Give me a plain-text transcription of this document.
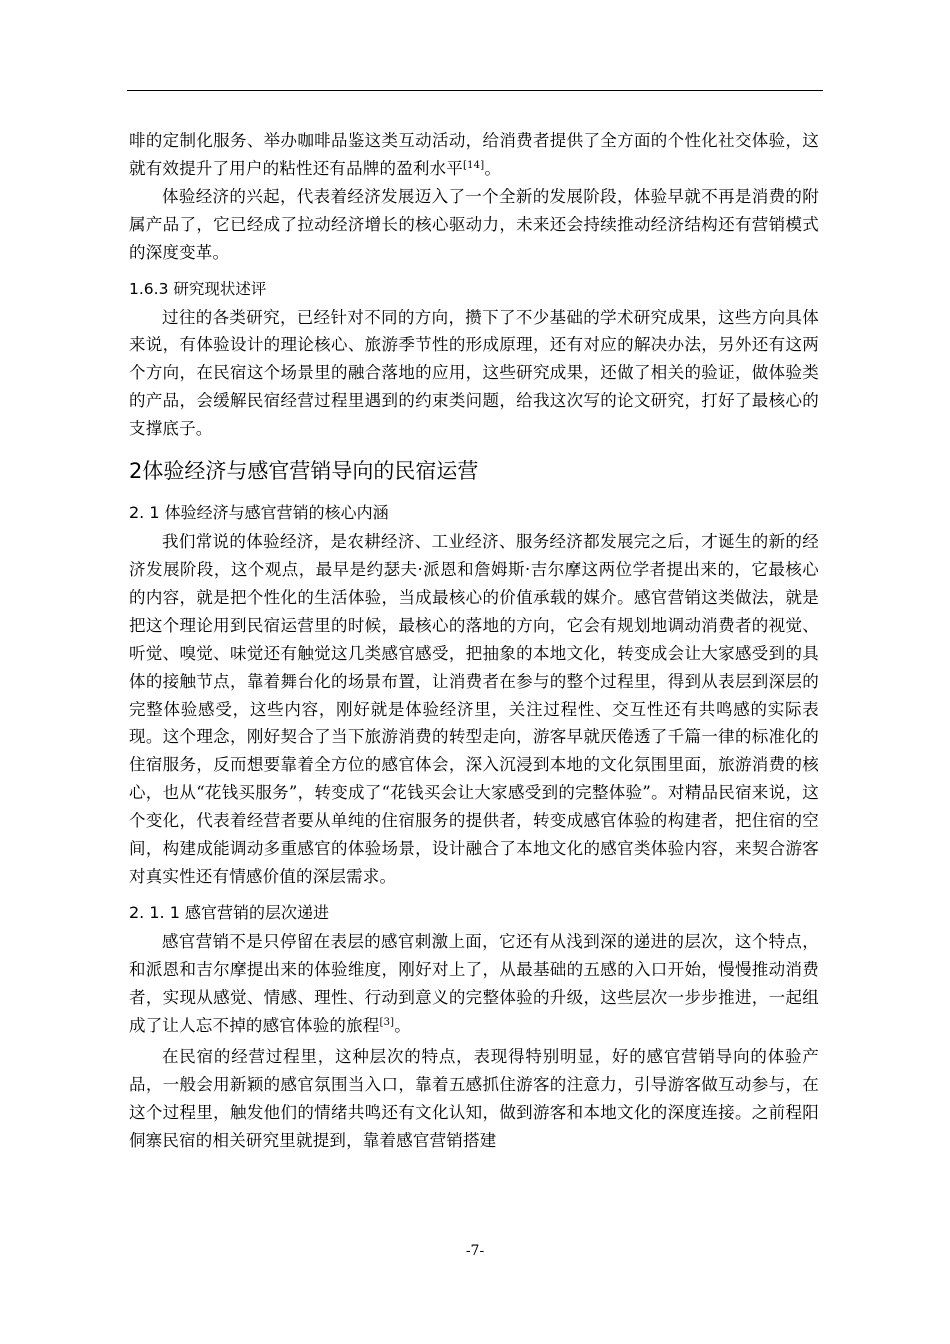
啡的定制化服务、举办咖啡品鉴这类互动活动，给消费者提供了全方面的个性化社交体验，这就有效提升了用户的粘性还有品牌的盈利水平[14]。

体验经济的兴起，代表着经济发展迈入了一个全新的发展阶段，体验早就不再是消费的附属产品了，它已经成了拉动经济增长的核心驱动力，未来还会持续推动经济结构还有营销模式的深度变革。

1.6.3 研究现状述评

过往的各类研究，已经针对不同的方向，攒下了不少基础的学术研究成果，这些方向具体来说，有体验设计的理论核心、旅游季节性的形成原理，还有对应的解决办法，另外还有这两个方向，在民宿这个场景里的融合落地的应用，这些研究成果，还做了相关的验证，做体验类的产品，会缓解民宿经营过程里遇到的约束类问题，给我这次写的论文研究，打好了最核心的支撑底子。

2体验经济与感官营销导向的民宿运营
2. 1 体验经济与感官营销的核心内涵

我们常说的体验经济，是农耕经济、工业经济、服务经济都发展完之后，才诞生的新的经济发展阶段，这个观点，最早是约瑟夫·派恩和詹姆斯·吉尔摩这两位学者提出来的，它最核心的内容，就是把个性化的生活体验，当成最核心的价值承载的媒介。感官营销这类做法，就是把这个理论用到民宿运营里的时候，最核心的落地的方向，它会有规划地调动消费者的视觉、听觉、嗅觉、味觉还有触觉这几类感官感受，把抽象的本地文化，转变成会让大家感受到的具体的接触节点，靠着舞台化的场景布置，让消费者在参与的整个过程里，得到从表层到深层的完整体验感受，这些内容，刚好就是体验经济里，关注过程性、交互性还有共鸣感的实际表现。这个理念，刚好契合了当下旅游消费的转型走向，游客早就厌倦透了千篇一律的标准化的住宿服务，反而想要靠着全方位的感官体会，深入沉浸到本地的文化氛围里面，旅游消费的核心，也从“花钱买服务”，转变成了“花钱买会让大家感受到的完整体验”。对精品民宿来说，这个变化，代表着经营者要从单纯的住宿服务的提供者，转变成感官体验的构建者，把住宿的空间，构建成能调动多重感官的体验场景，设计融合了本地文化的感官类体验内容，来契合游客对真实性还有情感价值的深层需求。

2. 1. 1 感官营销的层次递进

感官营销不是只停留在表层的感官刺激上面，它还有从浅到深的递进的层次，这个特点，和派恩和吉尔摩提出来的体验维度，刚好对上了，从最基础的五感的入口开始，慢慢推动消费者，实现从感觉、情感、理性、行动到意义的完整体验的升级，这些层次一步步推进，一起组成了让人忘不掉的感官体验的旅程[3]。

在民宿的经营过程里，这种层次的特点，表现得特别明显，好的感官营销导向的体验产品，一般会用新颖的感官氛围当入口，靠着五感抓住游客的注意力，引导游客做互动参与，在这个过程里，触发他们的情绪共鸣还有文化认知，做到游客和本地文化的深度连接。之前程阳侗寨民宿的相关研究里就提到，靠着感官营销搭建

-7-
